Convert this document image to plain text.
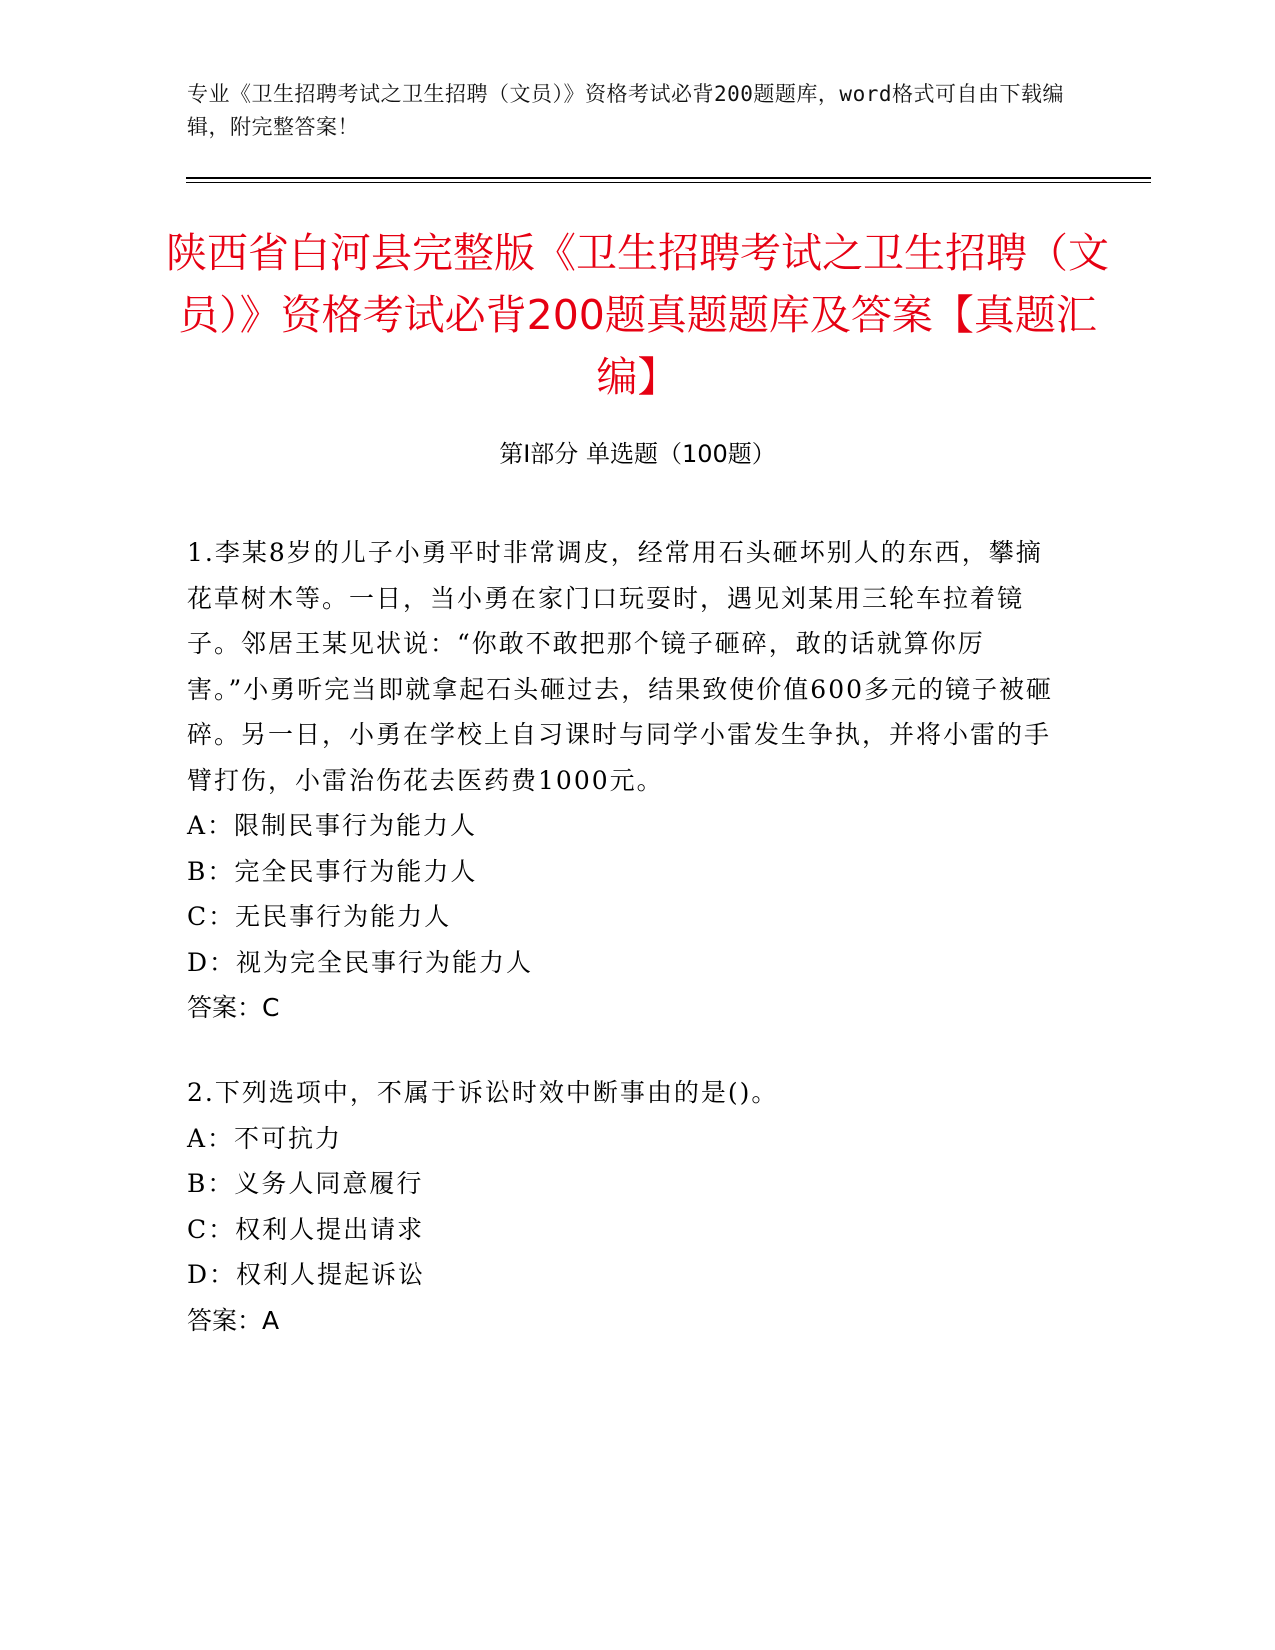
专业《卫生招聘考试之卫生招聘（文员）》资格考试必背200题题库，word格式可自由下载编辑，附完整答案！
陕西省白河县完整版《卫生招聘考试之卫生招聘（文员）》资格考试必背200题真题题库及答案【真题汇编】
第Ⅰ部分 单选题（100题）

1.李某8岁的儿子小勇平时非常调皮，经常用石头砸坏别人的东西，攀摘花草树木等。一日，当小勇在家门口玩耍时，遇见刘某用三轮车拉着镜子。邻居王某见状说：“你敢不敢把那个镜子砸碎，敢的话就算你厉害。”小勇听完当即就拿起石头砸过去，结果致使价值600多元的镜子被砸碎。另一日，小勇在学校上自习课时与同学小雷发生争执，并将小雷的手臂打伤，小雷治伤花去医药费1000元。

A：限制民事行为能力人

B：完全民事行为能力人

C：无民事行为能力人

D：视为完全民事行为能力人

答案：C

2.下列选项中，不属于诉讼时效中断事由的是()。

A：不可抗力

B：义务人同意履行

C：权利人提出请求

D：权利人提起诉讼

答案：A
